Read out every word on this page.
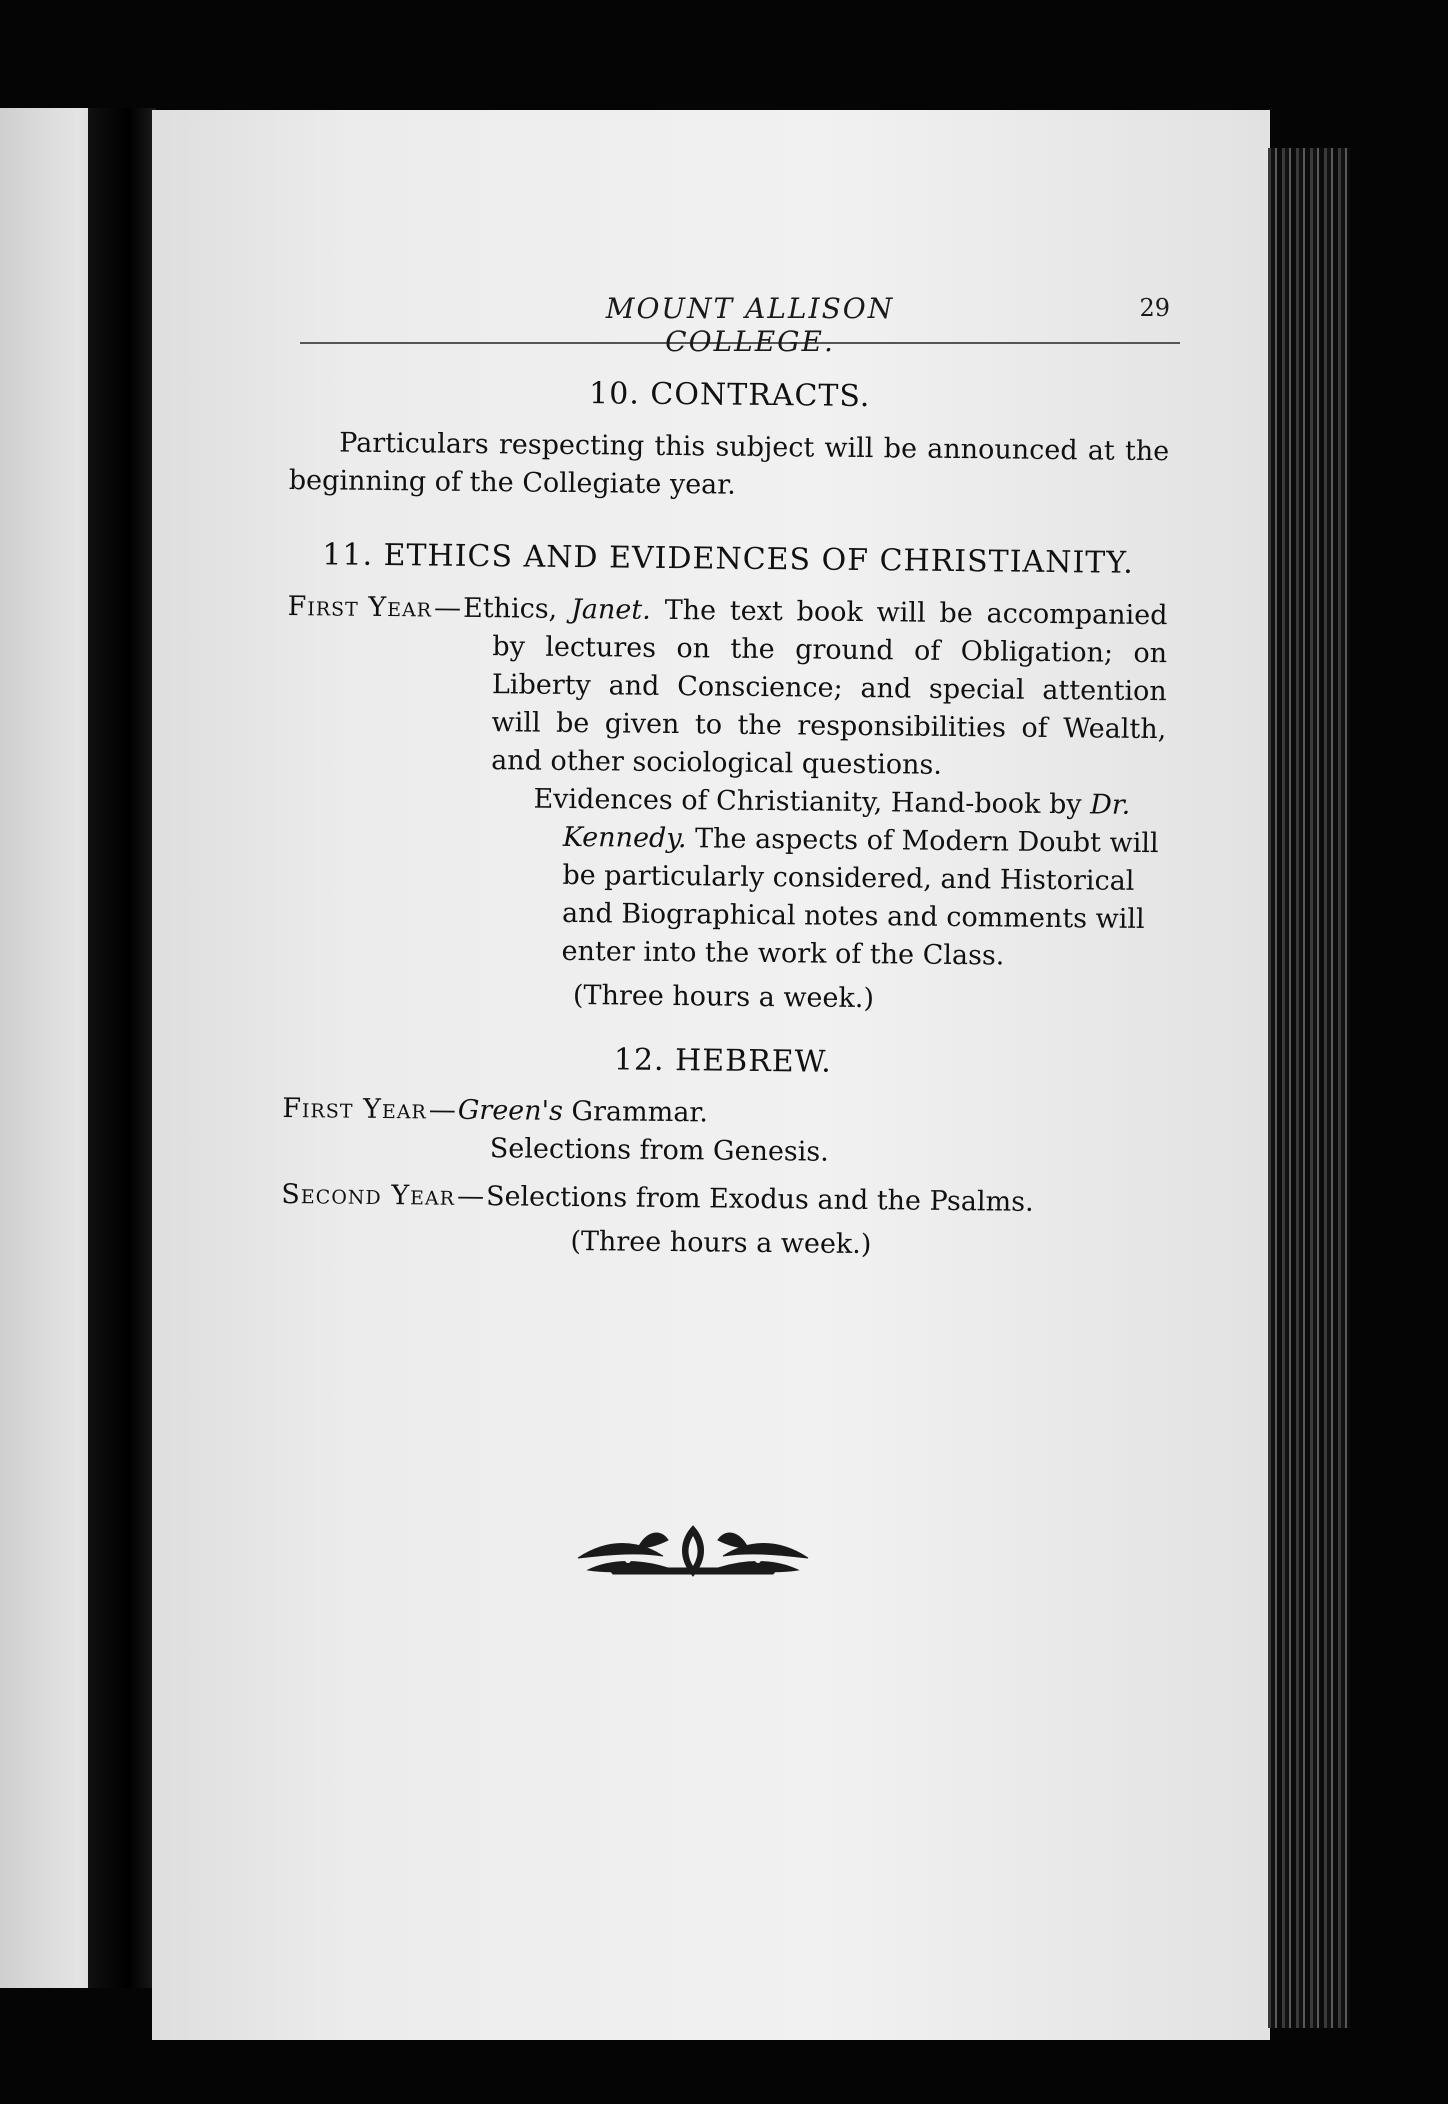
MOUNT ALLISON COLLEGE.
29
10. CONTRACTS.
Particulars respecting this subject will be announced at the beginning of the Collegiate year.
11. ETHICS AND EVIDENCES OF CHRISTIANITY.
First Year — Ethics, Janet. The text book will be accompanied by lectures on the ground of Obligation; on Liberty and Conscience; and special attention will be given to the responsibilities of Wealth, and other sociological questions.
Evidences of Christianity, Hand-book by Dr. Kennedy. The aspects of Modern Doubt will be particularly considered, and Historical and Biographical notes and comments will enter into the work of the Class.
(Three hours a week.)
12. HEBREW.
First Year — Green's Grammar.
Selections from Genesis.
Second Year — Selections from Exodus and the Psalms.
(Three hours a week.)
